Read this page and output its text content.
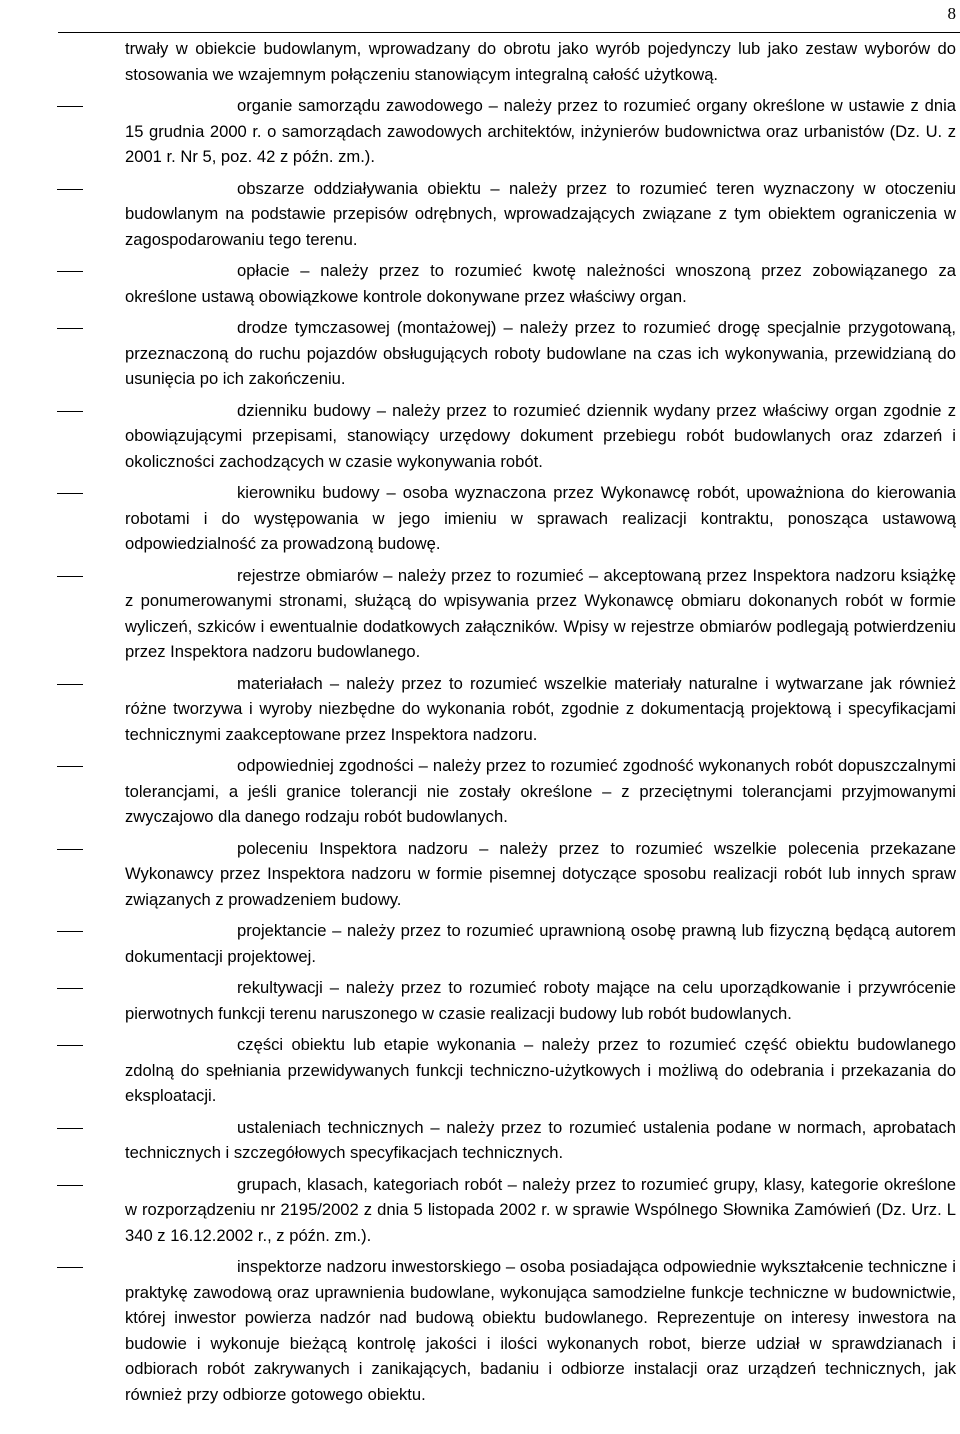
8
trwały w obiekcie budowlanym, wprowadzany do obrotu jako wyrób pojedynczy lub jako zestaw wyborów do stosowania we wzajemnym połączeniu stanowiącym integralną całość użytkową.
organie samorządu zawodowego – należy przez to rozumieć organy określone w ustawie z dnia 15 grudnia 2000 r. o samorządach zawodowych architektów, inżynierów budownictwa oraz urbanistów (Dz. U. z 2001 r. Nr 5, poz. 42 z późn. zm.).
obszarze oddziaływania obiektu – należy przez to rozumieć teren wyznaczony w otoczeniu budowlanym na podstawie przepisów odrębnych, wprowadzających związane z tym obiektem ograniczenia w zagospodarowaniu tego terenu.
opłacie – należy przez to rozumieć kwotę należności wnoszoną przez zobowiązanego za określone ustawą obowiązkowe kontrole dokonywane przez właściwy organ.
drodze tymczasowej (montażowej) – należy przez to rozumieć drogę specjalnie przygotowaną, przeznaczoną do ruchu pojazdów obsługujących roboty budowlane na czas ich wykonywania, przewidzianą do usunięcia po ich zakończeniu.
dzienniku budowy – należy przez to rozumieć dziennik wydany przez właściwy organ zgodnie z obowiązującymi przepisami, stanowiący urzędowy dokument przebiegu robót budowlanych oraz zdarzeń i okoliczności zachodzących w czasie wykonywania robót.
kierowniku budowy – osoba wyznaczona przez Wykonawcę robót, upoważniona do kierowania robotami i do występowania w jego imieniu w sprawach realizacji kontraktu, ponosząca ustawową odpowiedzialność za prowadzoną budowę.
rejestrze obmiarów – należy przez to rozumieć – akceptowaną przez Inspektora nadzoru książkę z ponumerowanymi stronami, służącą do wpisywania przez Wykonawcę obmiaru dokonanych robót w formie wyliczeń, szkiców i ewentualnie dodatkowych załączników. Wpisy w rejestrze obmiarów podlegają potwierdzeniu przez Inspektora nadzoru budowlanego.
materiałach – należy przez to rozumieć wszelkie materiały naturalne i wytwarzane jak również różne tworzywa i wyroby niezbędne do wykonania robót, zgodnie z dokumentacją projektową i specyfikacjami technicznymi zaakceptowane przez Inspektora nadzoru.
odpowiedniej zgodności – należy przez to rozumieć zgodność wykonanych robót dopuszczalnymi tolerancjami, a jeśli granice tolerancji nie zostały określone – z przeciętnymi tolerancjami przyjmowanymi zwyczajowo dla danego rodzaju robót budowlanych.
poleceniu Inspektora nadzoru – należy przez to rozumieć wszelkie polecenia przekazane Wykonawcy przez Inspektora nadzoru w formie pisemnej dotyczące sposobu realizacji robót lub innych spraw związanych z prowadzeniem budowy.
projektancie – należy przez to rozumieć uprawnioną osobę prawną lub fizyczną będącą autorem dokumentacji projektowej.
rekultywacji – należy przez to rozumieć roboty mające na celu uporządkowanie i przywrócenie pierwotnych funkcji terenu naruszonego w czasie realizacji budowy lub robót budowlanych.
części obiektu lub etapie wykonania – należy przez to rozumieć część obiektu budowlanego zdolną do spełniania przewidywanych funkcji techniczno-użytkowych i możliwą do odebrania i przekazania do eksploatacji.
ustaleniach technicznych – należy przez to rozumieć ustalenia podane w normach, aprobatach technicznych i szczegółowych specyfikacjach technicznych.
grupach, klasach, kategoriach robót – należy przez to rozumieć grupy, klasy, kategorie określone w rozporządzeniu nr 2195/2002 z dnia 5 listopada 2002 r. w sprawie Wspólnego Słownika Zamówień (Dz. Urz. L 340 z 16.12.2002 r., z późn. zm.).
inspektorze nadzoru inwestorskiego – osoba posiadająca odpowiednie wykształcenie techniczne i praktykę zawodową oraz uprawnienia budowlane, wykonująca samodzielne funkcje techniczne w budownictwie, której inwestor powierza nadzór nad budową obiektu budowlanego. Reprezentuje on interesy inwestora na budowie i wykonuje bieżącą kontrolę jakości i ilości wykonanych robot, bierze udział w sprawdzianach i odbiorach robót zakrywanych i zanikających, badaniu i odbiorze instalacji oraz urządzeń technicznych, jak również przy odbiorze gotowego obiektu.
